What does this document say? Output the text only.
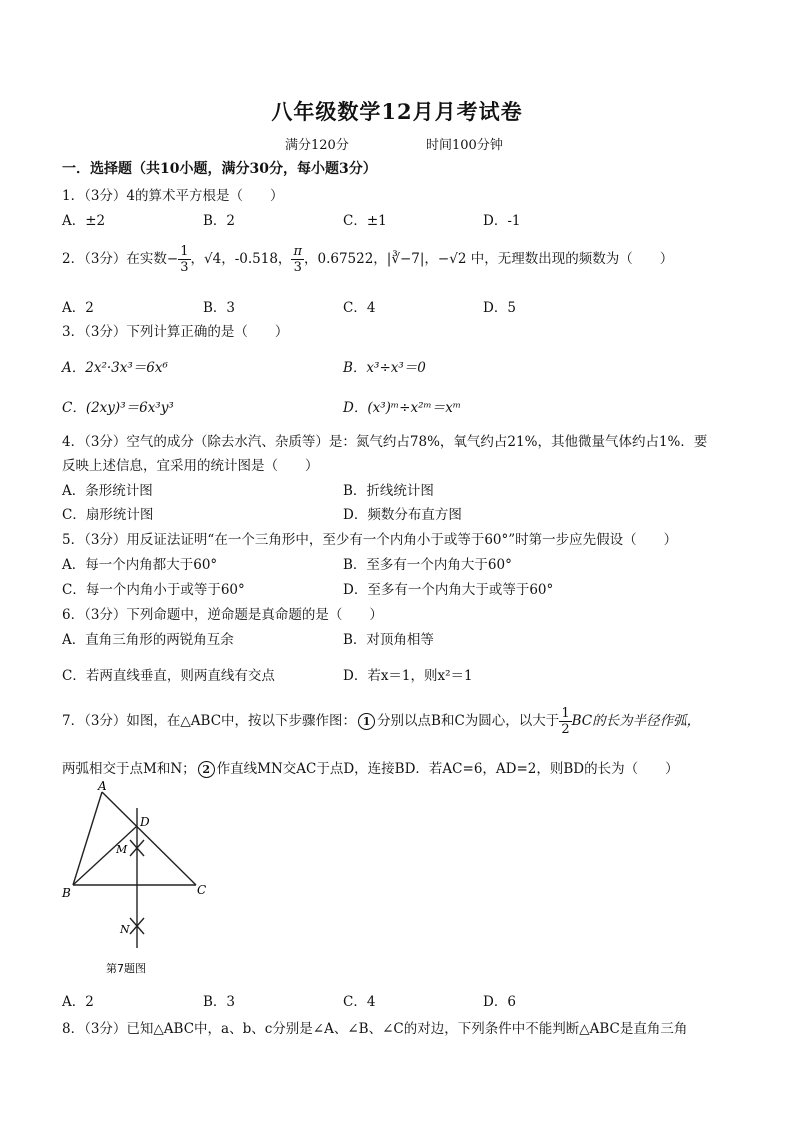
八年级数学12月月考试卷
满分120分	时间100分钟
一．选择题（共10小题，满分30分，每小题3分）
1．（3分）4的算术平方根是（　　）
A．±2	B．2	C．±1	D．-1
2．（3分）在实数− $\frac{1}{3}$ ，√4，-0.518， $\frac{\pi}{3}$ ，0.6752̇2̇，|∛−7|，−√2 中，无理数出现的频数为（　　）
A．2	B．3	C．4	D．5
3．（3分）下列计算正确的是（　　）
A．2x²·3x³＝6x⁶	B．x³÷x³＝0
C．(2xy)³＝6x³y³	D．(x³)ᵐ÷x²ᵐ＝xᵐ
4．（3分）空气的成分（除去水汽、杂质等）是：氮气约占78%，氧气约占21%，其他微量气体约占1%．要
反映上述信息，宜采用的统计图是（　　）
A．条形统计图	B．折线统计图
C．扇形统计图	D．频数分布直方图
5．（3分）用反证法证明“在一个三角形中，至少有一个内角小于或等于60°”时第一步应先假设（　　）
A．每一个内角都大于60°	B．至多有一个内角大于60°
C．每一个内角小于或等于60°	D．至多有一个内角大于或等于60°
6．（3分）下列命题中，逆命题是真命题的是（　　）
A．直角三角形的两锐角互余	B．对顶角相等
C．若两直线垂直，则两直线有交点	D．若x＝1，则x²＝1
7．（3分）如图，在△ABC中，按以下步骤作图： 1 分别以点B和C为圆心，以大于 $\frac{1}{2}$ BC的长为半径作弧，
两弧相交于点M和N； 2 作直线MN交AC于点D，连接BD．若AC=6，AD=2，则BD的长为（　　）
A
B	C
D
M
N
第7题图
A．2	B．3	C．4	D．6
8．（3分）已知△ABC中，a、b、c分别是∠A、∠B、∠C的对边，下列条件中不能判断△ABC是直角三角
